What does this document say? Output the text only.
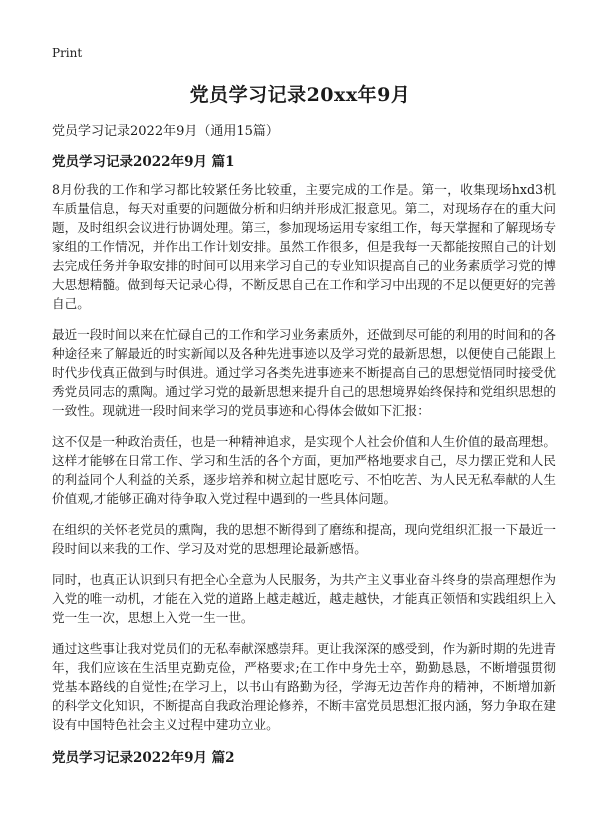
Print
党员学习记录20xx年9月

党员学习记录2022年9月（通用15篇）

党员学习记录2022年9月 篇1

8月份我的工作和学习都比较紧任务比较重，主要完成的工作是。第一，收集现场hxd3机车质量信息，每天对重要的问题做分析和归纳并形成汇报意见。第二，对现场存在的重大问题，及时组织会议进行协调处理。第三，参加现场运用专家组工作，每天掌握和了解现场专家组的工作情况，并作出工作计划安排。虽然工作很多，但是我每一天都能按照自己的计划去完成任务并争取安排的时间可以用来学习自己的专业知识提高自己的业务素质学习党的博大思想精髓。做到每天记录心得，不断反思自己在工作和学习中出现的不足以便更好的完善自己。

最近一段时间以来在忙碌自己的工作和学习业务素质外，还做到尽可能的利用的时间和的各种途径来了解最近的时实新闻以及各种先进事迹以及学习党的最新思想，以便使自己能跟上时代步伐真正做到与时俱进。通过学习各类先进事迹来不断提高自己的思想觉悟同时接受优秀党员同志的熏陶。通过学习党的最新思想来提升自己的思想境界始终保持和党组织思想的一致性。现就进一段时间来学习的党员事迹和心得体会做如下汇报：

这不仅是一种政治责任，也是一种精神追求，是实现个人社会价值和人生价值的最高理想。这样才能够在日常工作、学习和生活的各个方面，更加严格地要求自己，尽力摆正党和人民的利益同个人利益的关系，逐步培养和树立起甘愿吃亏、不怕吃苦、为人民无私奉献的人生价值观,才能够正确对待争取入党过程中遇到的一些具体问题。

在组织的关怀老党员的熏陶，我的思想不断得到了磨练和提高，现向党组织汇报一下最近一段时间以来我的工作、学习及对党的思想理论最新感悟。

同时，也真正认识到只有把全心全意为人民服务，为共产主义事业奋斗终身的崇高理想作为入党的唯一动机，才能在入党的道路上越走越近，越走越快，才能真正领悟和实践组织上入党一生一次，思想上入党一生一世。

通过这些事让我对党员们的无私奉献深感崇拜。更让我深深的感受到，作为新时期的先进青年，我们应该在生活里克勤克俭，严格要求;在工作中身先士卒，勤勤恳恳，不断增强贯彻党基本路线的自觉性;在学习上，以书山有路勤为径，学海无边苦作舟的精神，不断增加新的科学文化知识，不断提高自我政治理论修养，不断丰富党员思想汇报内涵，努力争取在建设有中国特色社会主义过程中建功立业。

党员学习记录2022年9月 篇2
